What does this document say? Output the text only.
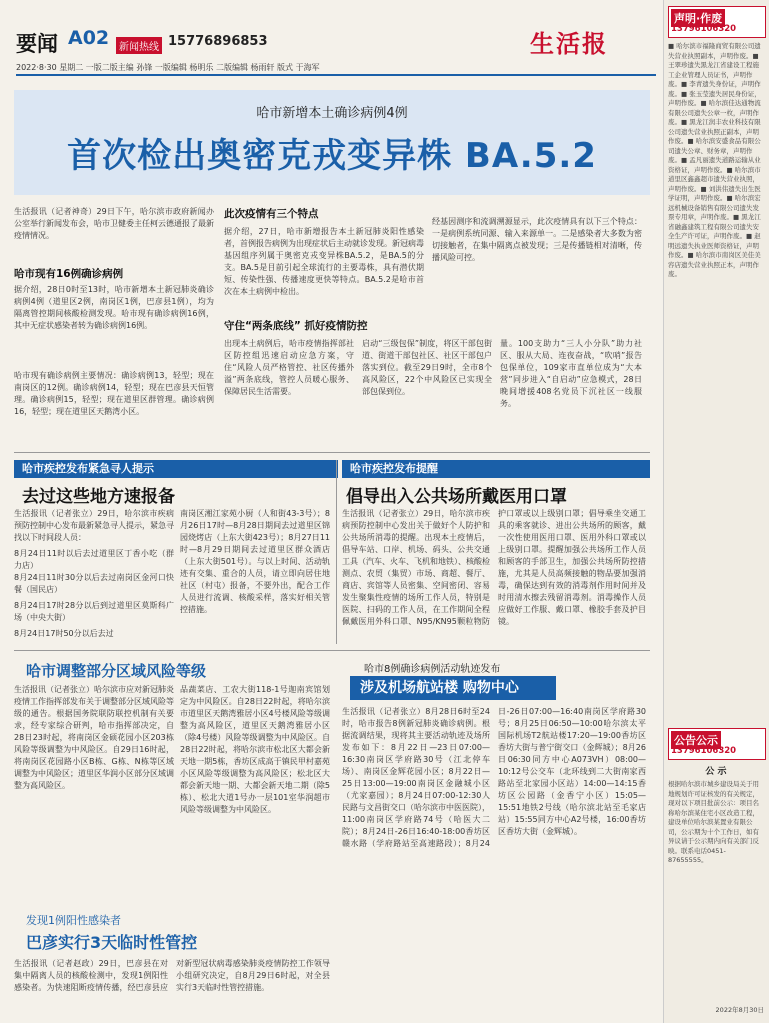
要闻 A02 新闻热线 15776896853	生活报
2022·8·30 星期二 一版二版主编 孙锋 一版编辑 杨明乐 二版编辑 杨雨轩 版式 于海军
哈市新增本土确诊病例4例
首次检出奥密克戎变异株 BA.5.2
生活报讯（记者神奇）29日下午，哈尔滨市政府新闻办公室举行新闻发布会，哈市卫健委主任柯云德通报了最新疫情情况。
哈市现有16例确诊病例
据介绍，28日0时至13时，哈市新增本土新冠肺炎确诊病例4例（道里区2例，南岗区1例，巴彦县1例），均为隔离管控期间核酸检测发现。哈市现有确诊病例16例，其中无症状感染者转为确诊病例16例。
哈市现有确诊病例主要情况：确诊病例13，轻型；现在南岗区的12例。确诊病例14，轻型；现在巴彦县天恒管理。确诊病例15，轻型；现在道里区群管理。确诊病例16，轻型；现在道里区天鹅湾小区。
此次疫情有三个特点
据介绍，27日，哈市新增报告本土新冠肺炎阳性感染者，首例报告病例为出现症状后主动就诊发现。新冠病毒基因组序列属于奥密克戎变异株BA.5.2，是BA.5的分支。BA.5是目前引起全球流行的主要毒株，具有潜伏期短、传染性强、传播速度更快等特点。BA.5.2是哈市首次在本土病例中检出。
经基因测序和流调溯源显示，此次疫情具有以下三个特点：一是病例系统同源、输入来源单一。二是感染者大多数为密切接触者，在集中隔离点被发现；三是传播链相对清晰，传播风险可控。
守住“两条底线” 抓好疫情防控
出现本土病例后，哈市疫情指挥部社区防控组迅速启动应急方案，守住“风险人员严格管控、社区传播外溢”两条底线，管控人员暖心服务、保障居民生活需要。
启动“三级包保”制度，将区干部包街道、街道干部包社区、社区干部包户落实到位。截至29日9时，全市8个高风险区，22个中风险区已实现全部包保到位。
量。100支助力“三人小分队”助力社区、服从大局、连夜奋战，“吹哨”报告包保单位，109家市直单位成为“大本营”同步进入“自启动”应急模式，28日晚间增援408名党员下沉社区一线服务。
哈市疾控发布紧急寻人提示
去过这些地方速报备
生活报讯（记者张立）29日，哈尔滨市疾病预防控制中心发布最新紧急寻人提示，紧急寻找以下时间段人员：
8月24日11时以后去过道里区丁香小吃（群力店）
8月24日11时30分以后去过南岗区金河口快餐（国民店）
8月24日17时28分以后到过道里区莫斯科广场（中央大街）
8月24日17时50分以后去过
南岗区湘江家苑小厨（人和街43-3号）；8月26日17时—8月28日期间去过道里区锦园烧烤店（上东大街423号）；8月27日11时—8月29日期间去过道里区群众酒店（上东大街501号）。与以上时间、活动轨迹有交集、重合的人员，请立即向居住地社区（村屯）报备，不要外出，配合工作人员进行流调、核酸采样，落实好相关管控措施。
哈市疾控发布提醒
倡导出入公共场所戴医用口罩
生活报讯（记者张立）29日，哈尔滨市疾病预防控制中心发出关于做好个人防护和公共场所消毒的提醒。出现本土疫情后，倡导车站、口岸、机场、码头、公共交通工具（汽车、火车、飞机和地铁）、核酸检测点、农贸（集贸）市场、商超、餐厅、商店、宾馆等人员密集、空间密闭、容易发生聚集性疫情的场所工作人员，特别是医院、扫码的工作人员，在工作期间全程佩戴医用外科口罩、N95/KN95颗粒物防护口罩或以上级别口罩；倡导乘坐交通工具的乘客就诊、进出公共场所的顾客，戴一次性使用医用口罩、医用外科口罩或以上级别口罩。提醒加强公共场所工作人员和顾客的手部卫生，加强公共场所防控措施，尤其是人员高频接触的物品要加强消毒，确保达到有效的消毒剂作用时间并及时用清水擦去残留消毒剂。消毒操作人员应做好工作服、戴口罩、橡胶手套及护目镜。
哈市调整部分区域风险等级
生活报讯（记者张立）哈尔滨市应对新冠肺炎疫情工作指挥部发布关于调整部分区域风险等级的通告。根据国务院联防联控机制有关要求，经专家综合研判，哈市指挥部决定，自28日23时起，将南岗区金硕花园小区203栋风险等级调整为中风险区。自29日16时起，将南岗区花园路小区B栋、G栋、N栋等区域调整为中风险区；道里区华润小区部分区域调整为高风险区。
品蔬菜店、工农大街118-1号迦南宾馆划定为中风险区。自28日22时起，将哈尔滨市道里区天鹅湾雅居小区4号楼风险等级调整为高风险区，道里区天鹅湾雅居小区（除4号楼）风险等级调整为中风险区。自28日22时起，将哈尔滨市松北区大都会新天地一期5栋，香坊区成高于镇民甲村嘉苑小区风险等级调整为高风险区；松北区大都会新天地一期、大都会新天地二期（除5栋）、松北大道1号办一层101室华润超市风险等级调整为中风险区。
哈市8例确诊病例活动轨迹发布
涉及机场航站楼 购物中心
生活报讯（记者张立）8月28日6时至24时，哈市报告8例新冠肺炎确诊病例。根据流调结果，现将其主要活动轨迹及场所发布如下：8月22日—23日07:00—16:30南岗区学府路30号（江北停车场）、南岗区金辉花园小区；8月22日—25日13:00—19:00南岗区金融城小区（尤家嘉园）；8月24日07:00-12:30人民路与文昌街交口（哈尔滨市中医医院），11:00南岗区学府路74号（哈医大二院）；8月24日-26日16:40-18:00香坊区赣水路（学府路站至高速路段）；8月24日-26日07:00—16:40南岗区学府路30号；8月25日06:50—10:00哈尔滨太平国际机场T2航站楼17:20—19:00香坊区香坊大街与普宁街交口（金辉城）；8月26日06:30同方中心A073VH）08:00—10:12号公交车（北环线到二大街南家西路站至北家园小区站）14:00—14:15香坊区公园路（金香宁小区）15:05—15:51地铁2号线（哈尔滨北站至毛家店站）15:55同方中心A2号楼，16:00香坊区香坊大街（金辉城）。
发现1例阳性感染者
巴彦实行3天临时性管控
生活报讯（记者赵政）29日，巴彦县在对集中隔离人员的核酸检测中，发现1例阳性感染者。为快速阻断疫情传播，经巴彦县应对新型冠状病毒感染肺炎疫情防控工作领导小组研究决定，自8月29日6时起，对全县实行3天临时性管控措施。
声明·作废
13796106320
■ 哈尔滨市福隆商贸有限公司遗失营业执照副本，声明作废。■ 王翠珍遗失黑龙江省建设工程施工企业管理人员证书，声明作废。■ 李青遗失身份证，声明作废。■ 张玉莹遗失居民身份证，声明作废。■ 哈尔滨佳达通物流有限公司遗失公章一枚，声明作废。■ 黑龙江润丰农业科技有限公司遗失营业执照正副本，声明作废。■ 哈尔滨安盛食品有限公司遗失公章、财务章，声明作废。■ 孟凡丽遗失道路运输从业资格证，声明作废。■ 哈尔滨市道里区鑫鑫超市遗失营业执照，声明作废。■ 刘洪伟遗失出生医学证明，声明作废。■ 哈尔滨宏远机械设备销售有限公司遗失发票专用章，声明作废。■ 黑龙江省融鑫建筑工程有限公司遗失安全生产许可证，声明作废。■ 赵明远遗失执业医师资格证，声明作废。■ 哈尔滨市南岗区美佳美容店遗失营业执照正本，声明作废。
公告公示
13796106320
公 示
根据哈尔滨市城乡建设局关于用地规划许可证核发的有关规定，现对以下项目批前公示：项目名称哈尔滨某住宅小区改造工程，建设单位哈尔滨某置业有限公司，公示期为十个工作日，如有异议请于公示期内向有关部门反映。联系电话0451-87655555。
2022年8月30日
